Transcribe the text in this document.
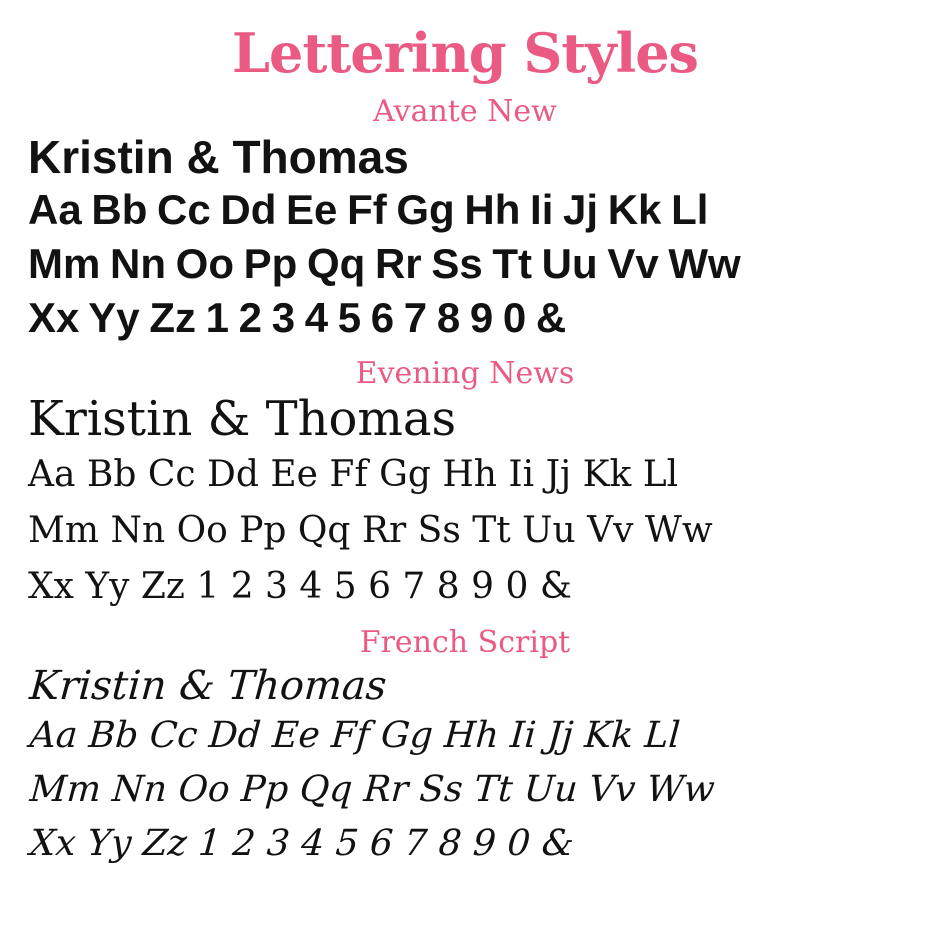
Lettering Styles
Avante New
Kristin & Thomas
Aa Bb Cc Dd Ee Ff Gg Hh Ii Jj Kk Ll
Mm Nn Oo Pp Qq Rr Ss Tt Uu Vv Ww
Xx Yy Zz 1 2 3 4 5 6 7 8 9 0 &
Evening News
Kristin & Thomas
Aa Bb Cc Dd Ee Ff Gg Hh Ii Jj Kk Ll
Mm Nn Oo Pp Qq Rr Ss Tt Uu Vv Ww
Xx Yy Zz 1 2 3 4 5 6 7 8 9 0 &
French Script
Kristin & Thomas
Aa Bb Cc Dd Ee Ff Gg Hh Ii Jj Kk Ll
Mm Nn Oo Pp Qq Rr Ss Tt Uu Vv Ww
Xx Yy Zz 1 2 3 4 5 6 7 8 9 0 &
